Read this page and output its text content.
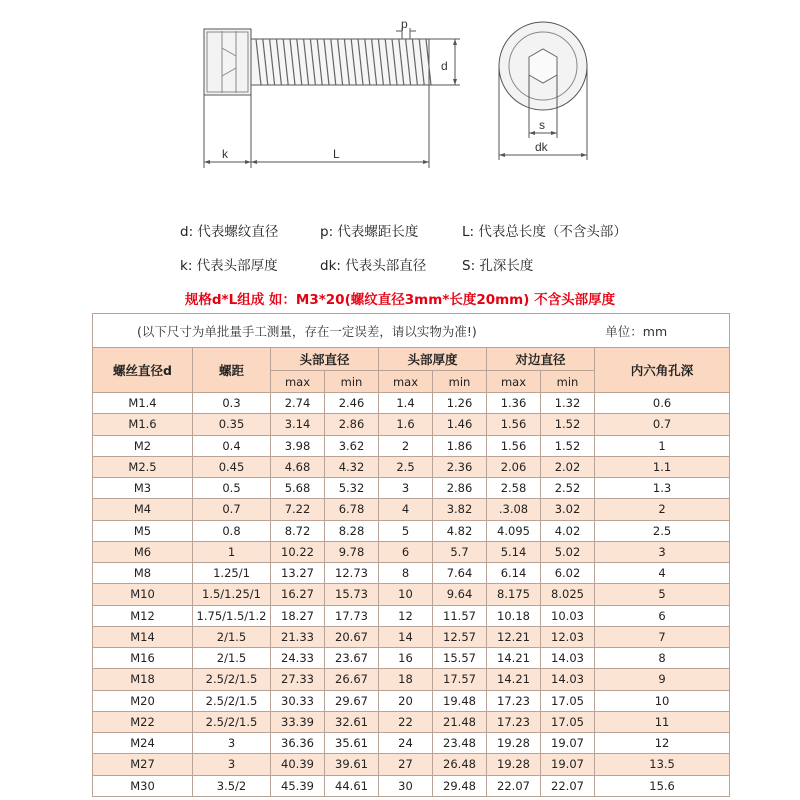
p
d
k	L
s
dk
d: 代表螺纹直径	p: 代表螺距长度	L: 代表总长度（不含头部）
k: 代表头部厚度	dk: 代表头部直径	S: 孔深长度
规格d*L组成 如：M3*20(螺纹直径3mm*长度20mm) 不含头部厚度
(以下尺寸为单批量手工测量，存在一定误差，请以实物为准!) 单位：mm								

螺丝直径d	螺距	头部直径		头部厚度		对边直径		内六角孔深
		max	min	max	min	max	min	
M1.4	0.3	2.74	2.46	1.4	1.26	1.36	1.32	0.6
M1.6	0.35	3.14	2.86	1.6	1.46	1.56	1.52	0.7
M2	0.4	3.98	3.62	2	1.86	1.56	1.52	1
M2.5	0.45	4.68	4.32	2.5	2.36	2.06	2.02	1.1
M3	0.5	5.68	5.32	3	2.86	2.58	2.52	1.3
M4	0.7	7.22	6.78	4	3.82	.3.08	3.02	2
M5	0.8	8.72	8.28	5	4.82	4.095	4.02	2.5
M6	1	10.22	9.78	6	5.7	5.14	5.02	3
M8	1.25/1	13.27	12.73	8	7.64	6.14	6.02	4
M10	1.5/1.25/1	16.27	15.73	10	9.64	8.175	8.025	5
M12	1.75/1.5/1.2	18.27	17.73	12	11.57	10.18	10.03	6
M14	2/1.5	21.33	20.67	14	12.57	12.21	12.03	7
M16	2/1.5	24.33	23.67	16	15.57	14.21	14.03	8
M18	2.5/2/1.5	27.33	26.67	18	17.57	14.21	14.03	9
M20	2.5/2/1.5	30.33	29.67	20	19.48	17.23	17.05	10
M22	2.5/2/1.5	33.39	32.61	22	21.48	17.23	17.05	11
M24	3	36.36	35.61	24	23.48	19.28	19.07	12
M27	3	40.39	39.61	27	26.48	19.28	19.07	13.5
M30	3.5/2	45.39	44.61	30	29.48	22.07	22.07	15.6
